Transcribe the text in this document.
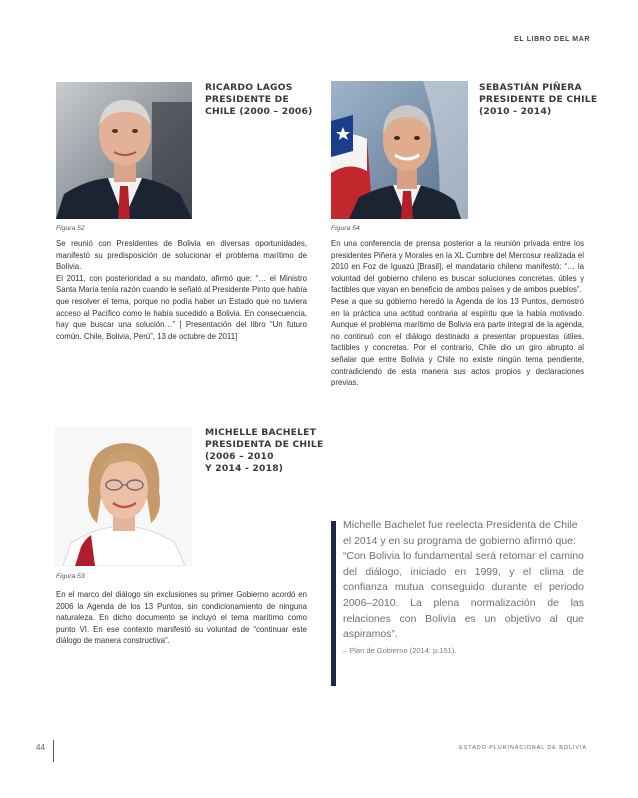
EL LIBRO DEL MAR

RICARDO LAGOS

PRESIDENTE DE

CHILE (2000 – 2006)

Figura 52

Se reunió con Presidentes de Bolivia en diversas oportunidades, manifestó su predisposición de solucionar el problema marítimo de Bolivia.

El 2011, con posterioridad a su mandato, afirmó que: “… el Ministro Santa María tenía razón cuando le señaló al Presidente Pinto que había que resolver el tema, porque no podía haber un Estado que no tuviera acceso al Pacífico como le había sucedido a Bolivia. En consecuencia, hay que buscar una solución…” [ Presentación del libro “Un futuro común. Chile, Bolivia, Perú”, 13 de octubre de 2011]

SEBASTIÁN PIÑERA

PRESIDENTE DE CHILE

(2010 - 2014)

Figura 54

En una conferencia de prensa posterior a la reunión privada entre los presidentes Piñera y Morales en la XL Cumbre del Mercosur realizada el 2010 en Foz de Iguazú [Brasil], el mandatario chileno manifestó: “… la voluntad del gobierno chileno es buscar soluciones concretas, útiles y factibles que vayan en beneficio de ambos países y de ambos pueblos”.

Pese a que su gobierno heredó la Agenda de los 13 Puntos, demostró en la práctica una actitud contraria al espíritu que la había motivado. Aunque el problema marítimo de Bolivia era parte integral de la agenda, no continuó con el diálogo destinado a presentar propuestas útiles, factibles y concretas. Por el contrario, Chile dio un giro abrupto al señalar que entre Bolivia y Chile no existe ningún tema pendiente, contradiciendo de esta manera sus actos propios y declaraciones previas.

MICHELLE BACHELET

PRESIDENTA DE CHILE

(2006 – 2010

Y 2014 - 2018)

Figura 53

En el marco del diálogo sin exclusiones su primer Gobierno acordó en 2006 la Agenda de los 13 Puntos, sin condicionamiento de ninguna naturaleza. En dicho documento se incluyó el tema marítimo como punto VI. En ese contexto manifestó su voluntad de “continuar este diálogo de manera constructiva”.

Michelle Bachelet fue reelecta Presidenta de Chile el 2014 y en su programa de gobierno afirmó que:

“Con Bolivia lo fundamental será retomar el camino del diálogo, iniciado en 1999, y el clima de confianza mutua conseguido durante el periodo 2006–2010. La plena normalización de las relaciones con Bolivia es un objetivo al que aspiramos”.

– Plan de Gobierno (2014: p.151).
44	ESTADO PLURINACIONAL DE BOLIVIA
